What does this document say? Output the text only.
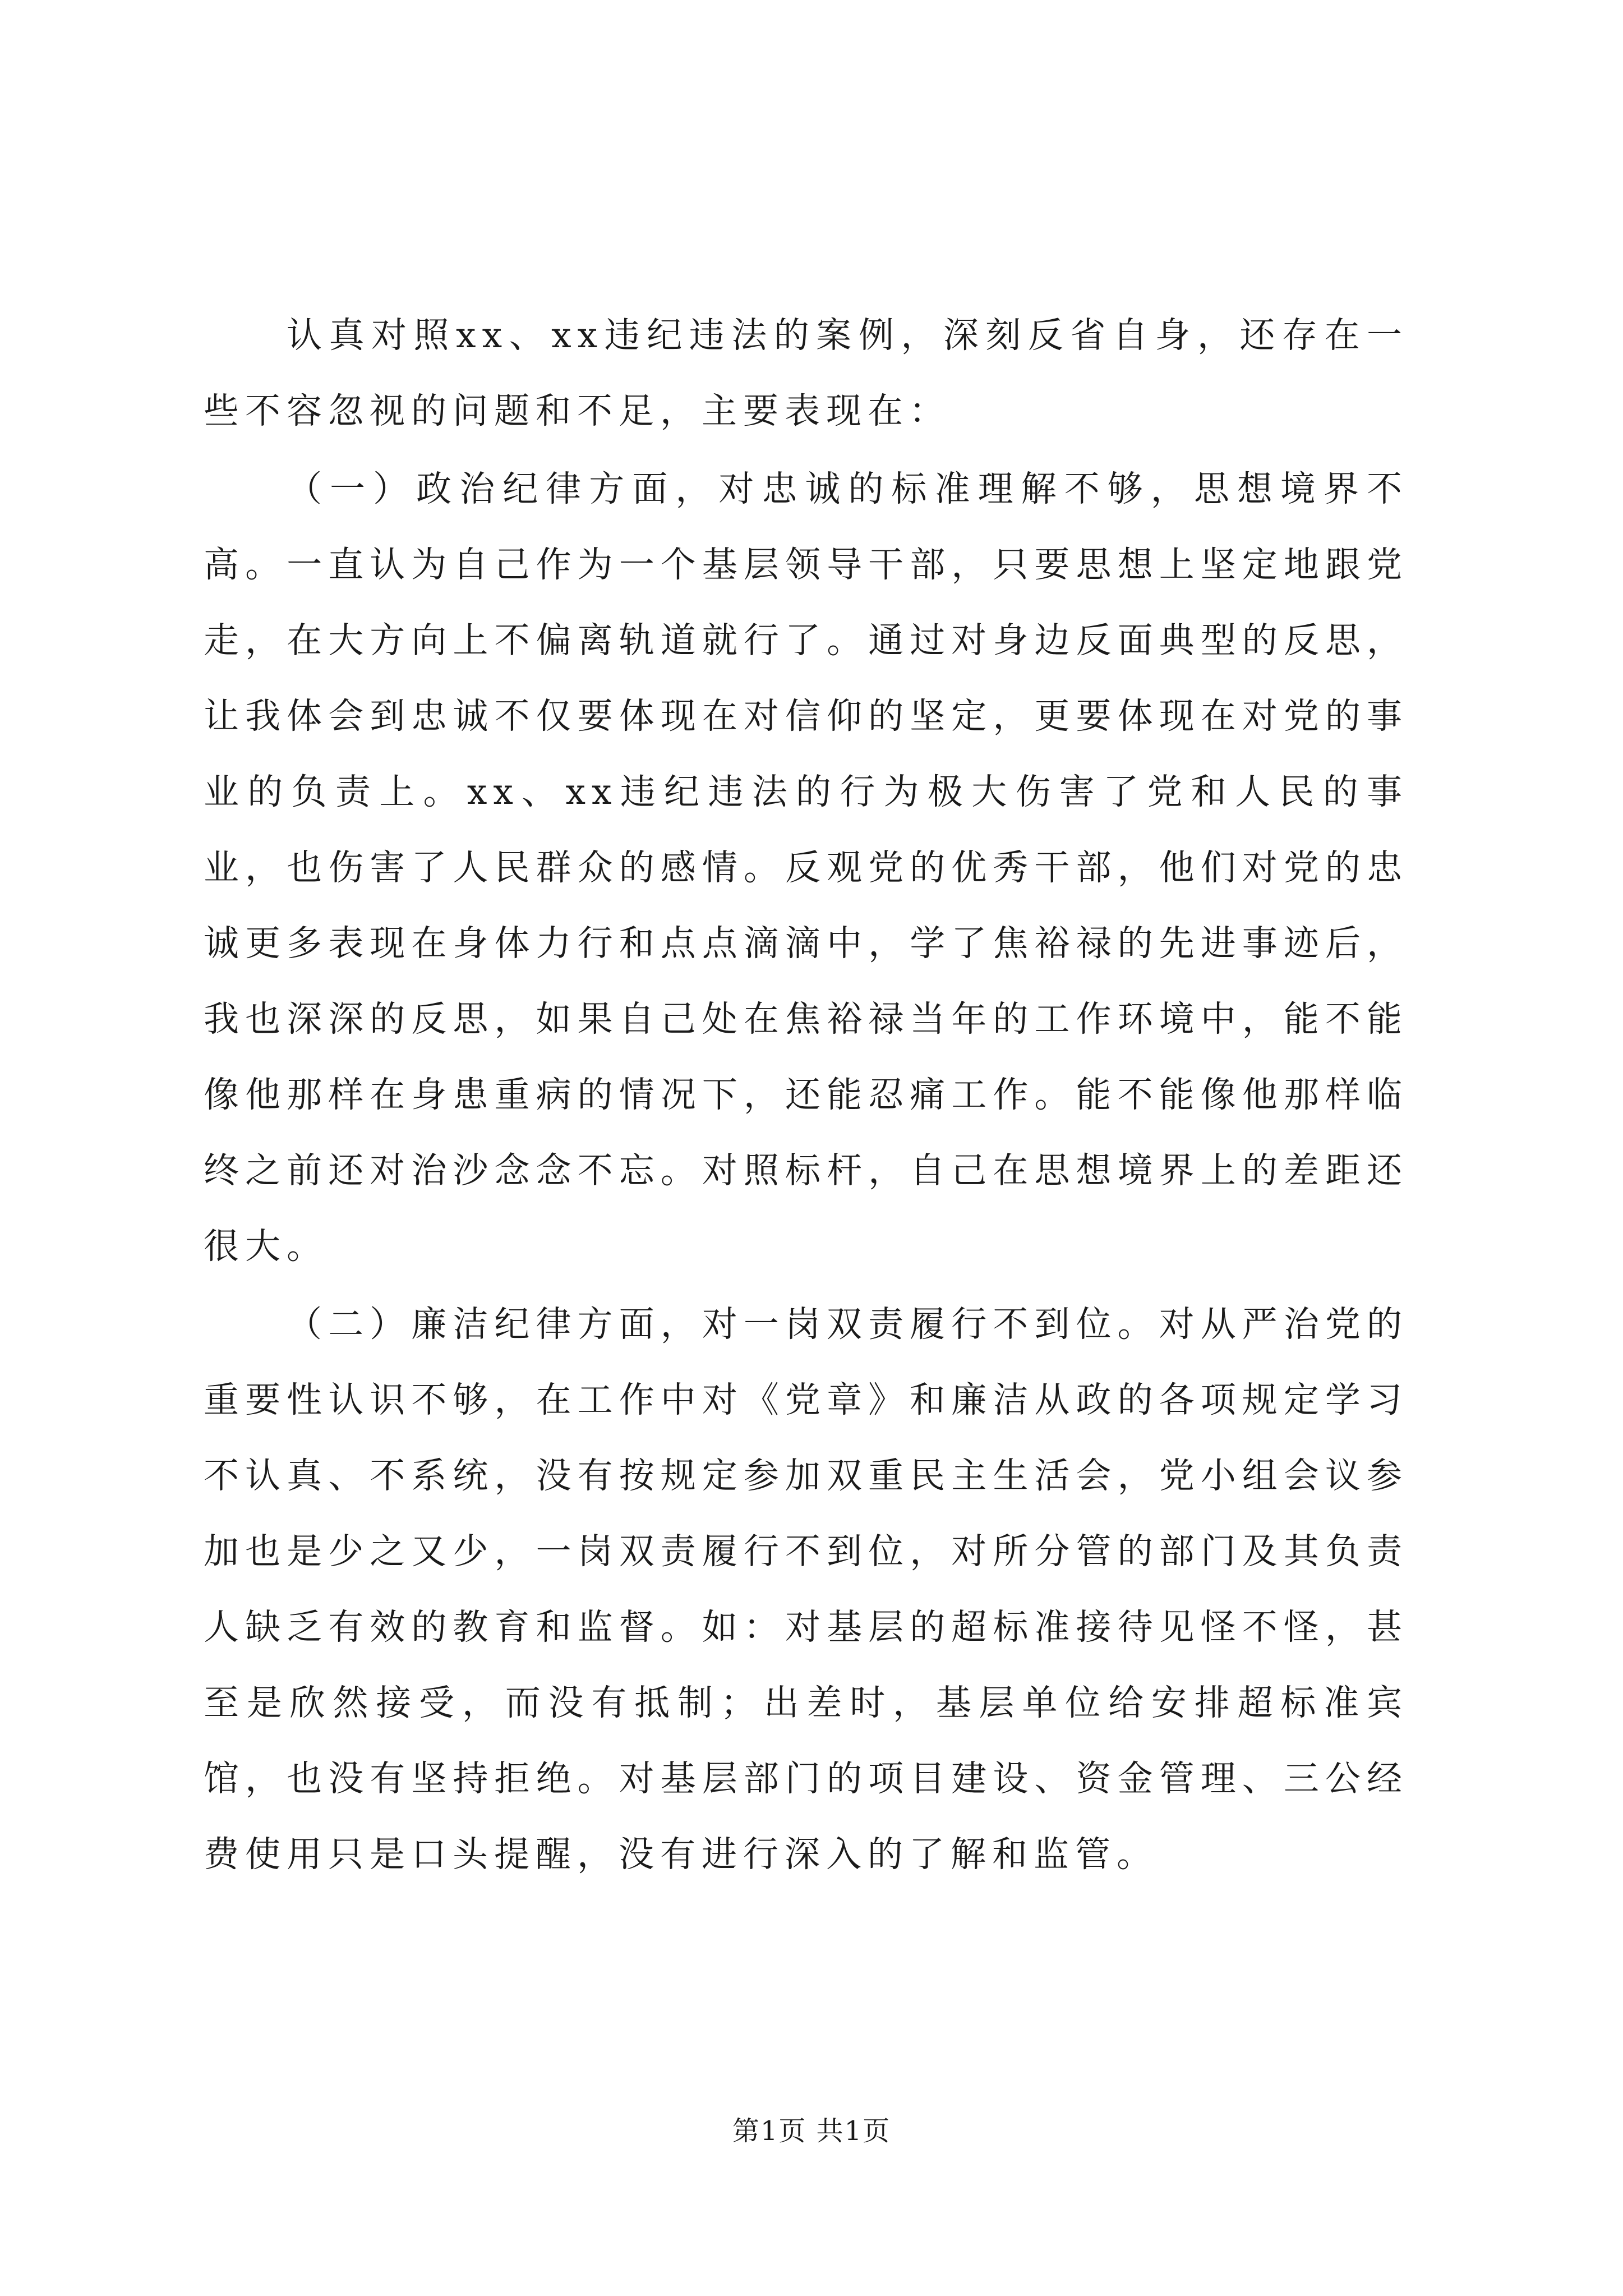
认真对照xx、xx违纪违法的案例，深刻反省自身，还存在一些不容忽视的问题和不足，主要表现在：

（一）政治纪律方面，对忠诚的标准理解不够，思想境界不高。一直认为自己作为一个基层领导干部，只要思想上坚定地跟党走，在大方向上不偏离轨道就行了。通过对身边反面典型的反思，让我体会到忠诚不仅要体现在对信仰的坚定，更要体现在对党的事业的负责上。xx、xx违纪违法的行为极大伤害了党和人民的事业，也伤害了人民群众的感情。反观党的优秀干部，他们对党的忠诚更多表现在身体力行和点点滴滴中，学了焦裕禄的先进事迹后，我也深深的反思，如果自己处在焦裕禄当年的工作环境中，能不能像他那样在身患重病的情况下，还能忍痛工作。能不能像他那样临终之前还对治沙念念不忘。对照标杆，自己在思想境界上的差距还很大。

（二）廉洁纪律方面，对一岗双责履行不到位。对从严治党的重要性认识不够，在工作中对《党章》和廉洁从政的各项规定学习不认真、不系统，没有按规定参加双重民主生活会，党小组会议参加也是少之又少，一岗双责履行不到位，对所分管的部门及其负责人缺乏有效的教育和监督。如：对基层的超标准接待见怪不怪，甚至是欣然接受，而没有抵制；出差时，基层单位给安排超标准宾馆，也没有坚持拒绝。对基层部门的项目建设、资金管理、三公经费使用只是口头提醒，没有进行深入的了解和监管。

第1页 共1页
